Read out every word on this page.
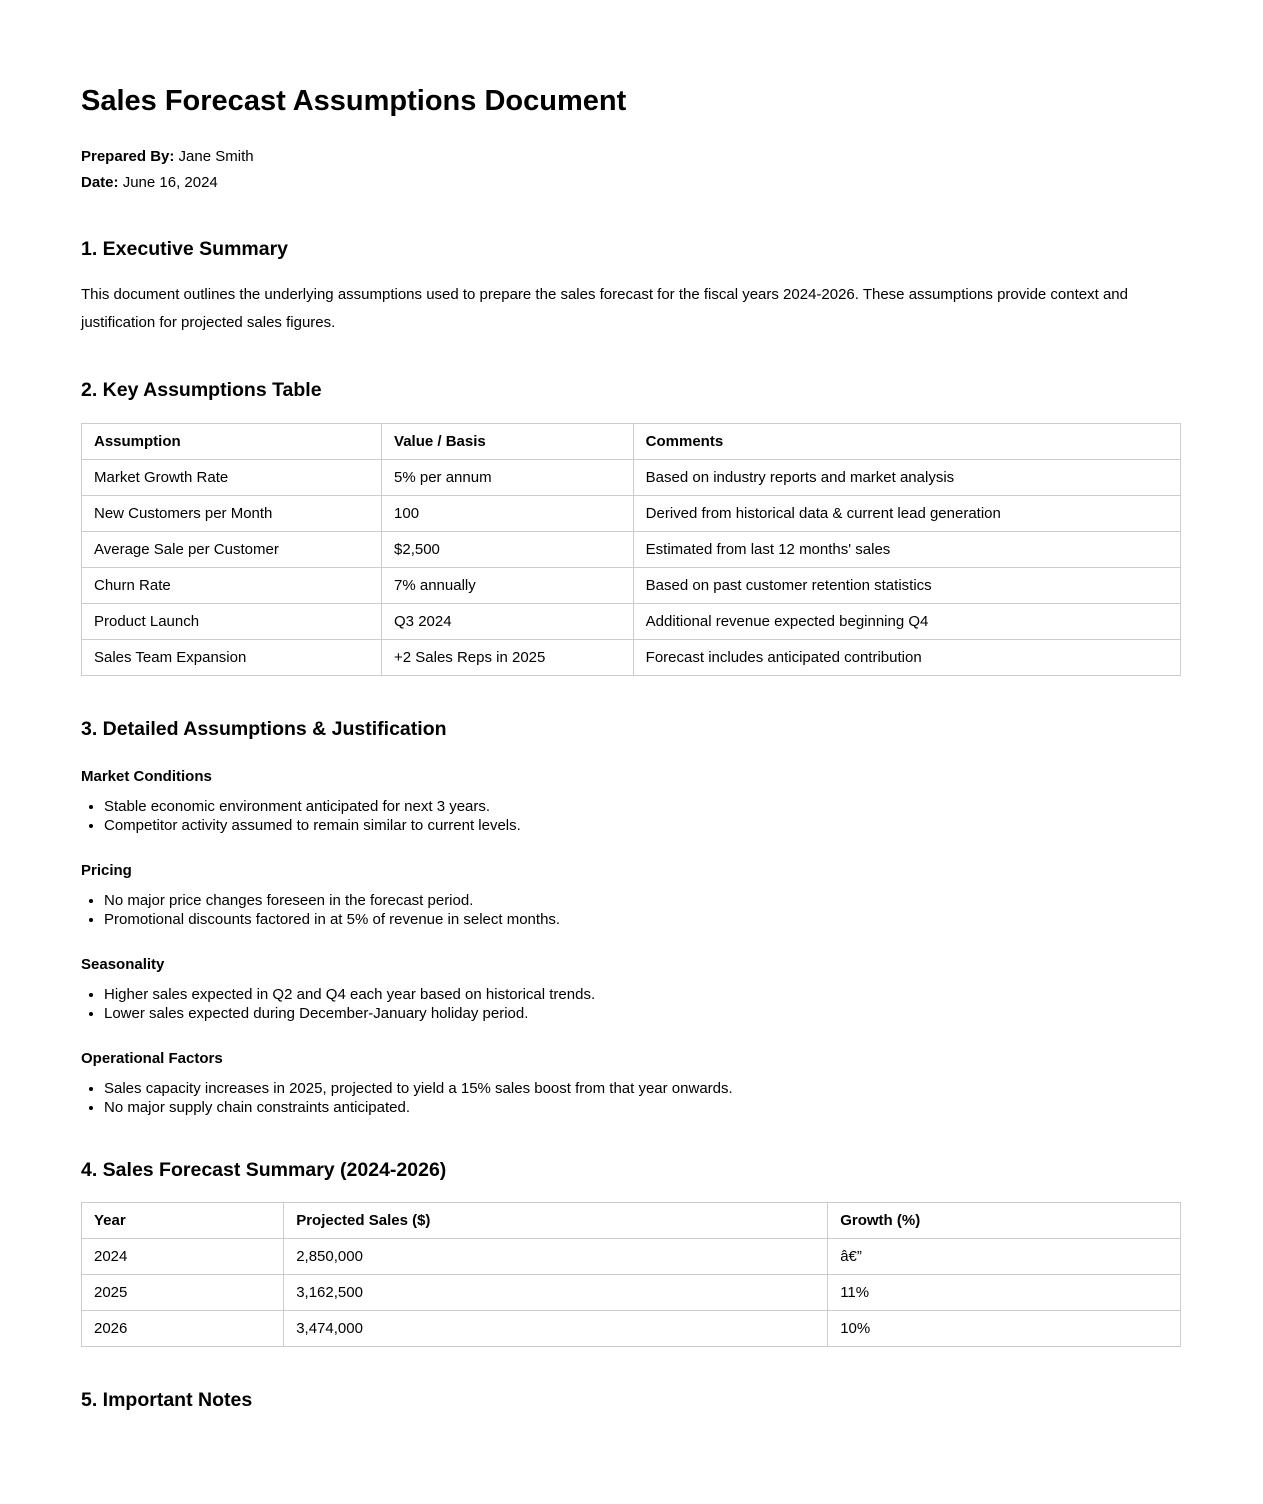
Sales Forecast Assumptions Document

Prepared By: Jane Smith

Date: June 16, 2024

1. Executive Summary

This document outlines the underlying assumptions used to prepare the sales forecast for the fiscal years 2024-2026. These assumptions provide context and justification for projected sales figures.

2. Key Assumptions Table
Assumption	Value / Basis	Comments
Market Growth Rate	5% per annum	Based on industry reports and market analysis
New Customers per Month	100	Derived from historical data & current lead generation
Average Sale per Customer	$2,500	Estimated from last 12 months' sales
Churn Rate	7% annually	Based on past customer retention statistics
Product Launch	Q3 2024	Additional revenue expected beginning Q4
Sales Team Expansion	+2 Sales Reps in 2025	Forecast includes anticipated contribution
3. Detailed Assumptions & Justification
Market Conditions
• Stable economic environment anticipated for next 3 years.
• Competitor activity assumed to remain similar to current levels.
Pricing
• No major price changes foreseen in the forecast period.
• Promotional discounts factored in at 5% of revenue in select months.
Seasonality
• Higher sales expected in Q2 and Q4 each year based on historical trends.
• Lower sales expected during December-January holiday period.
Operational Factors
• Sales capacity increases in 2025, projected to yield a 15% sales boost from that year onwards.
• No major supply chain constraints anticipated.
4. Sales Forecast Summary (2024-2026)
Year	Projected Sales ($)	Growth (%)
2024	2,850,000	â€”
2025	3,162,500	11%
2026	3,474,000	10%
5. Important Notes
